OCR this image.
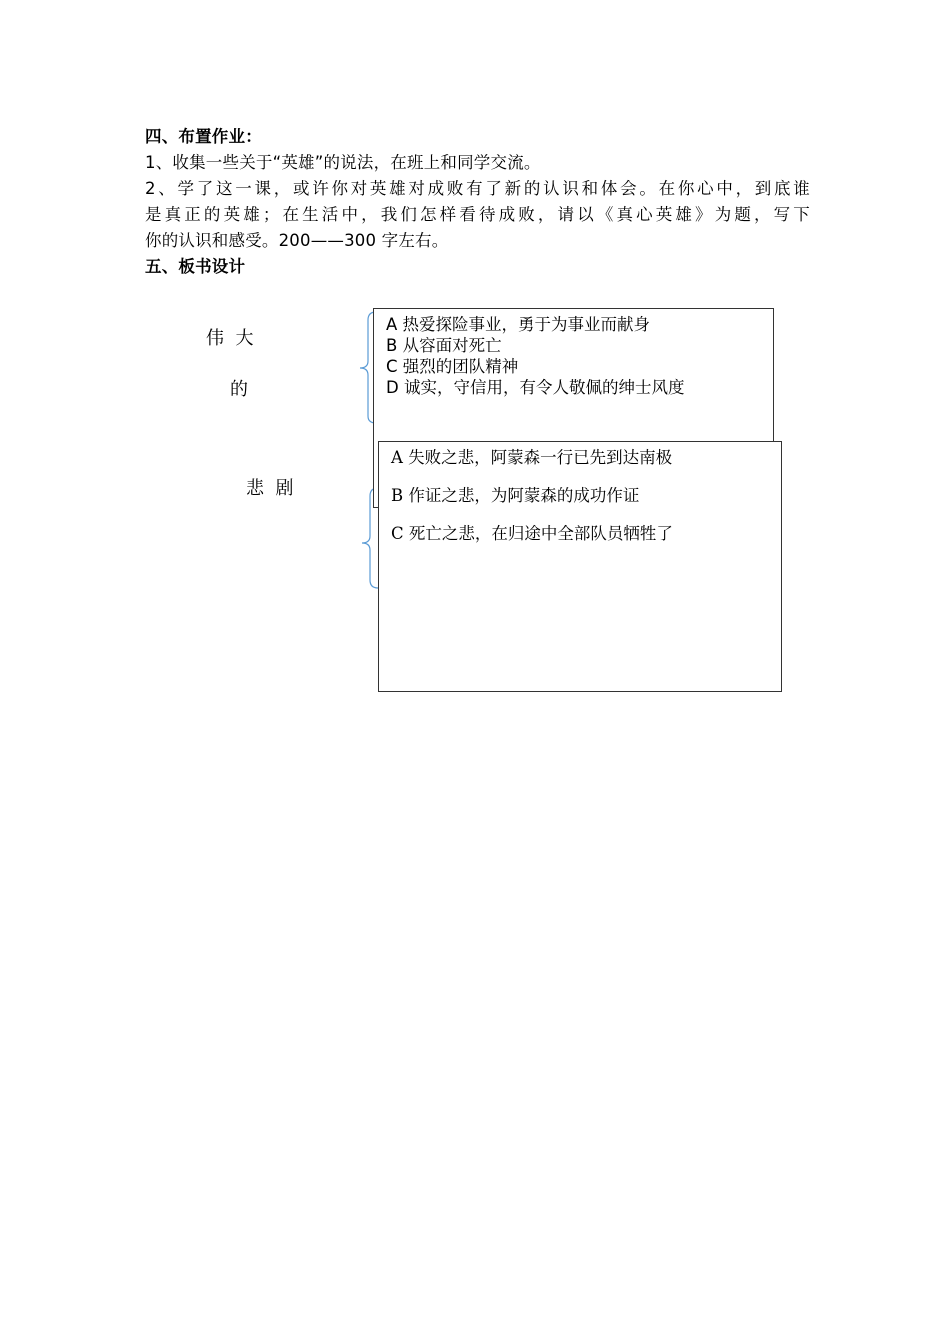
四、布置作业：
1、收集一些关于“英雄”的说法，在班上和同学交流。
2、学了这一课，或许你对英雄对成败有了新的认识和体会。在你心中，到底谁
是真正的英雄；在生活中，我们怎样看待成败，请以《真心英雄》为题，写下
你的认识和感受。200——300 字左右。
五、板书设计
伟  大
的
悲  剧
A 热爱探险事业，勇于为事业而献身
B 从容面对死亡
C 强烈的团队精神
D 诚实，守信用，有令人敬佩的绅士风度
A 失败之悲，阿蒙森一行已先到达南极
B 作证之悲，为阿蒙森的成功作证
C 死亡之悲，在归途中全部队员牺牲了
